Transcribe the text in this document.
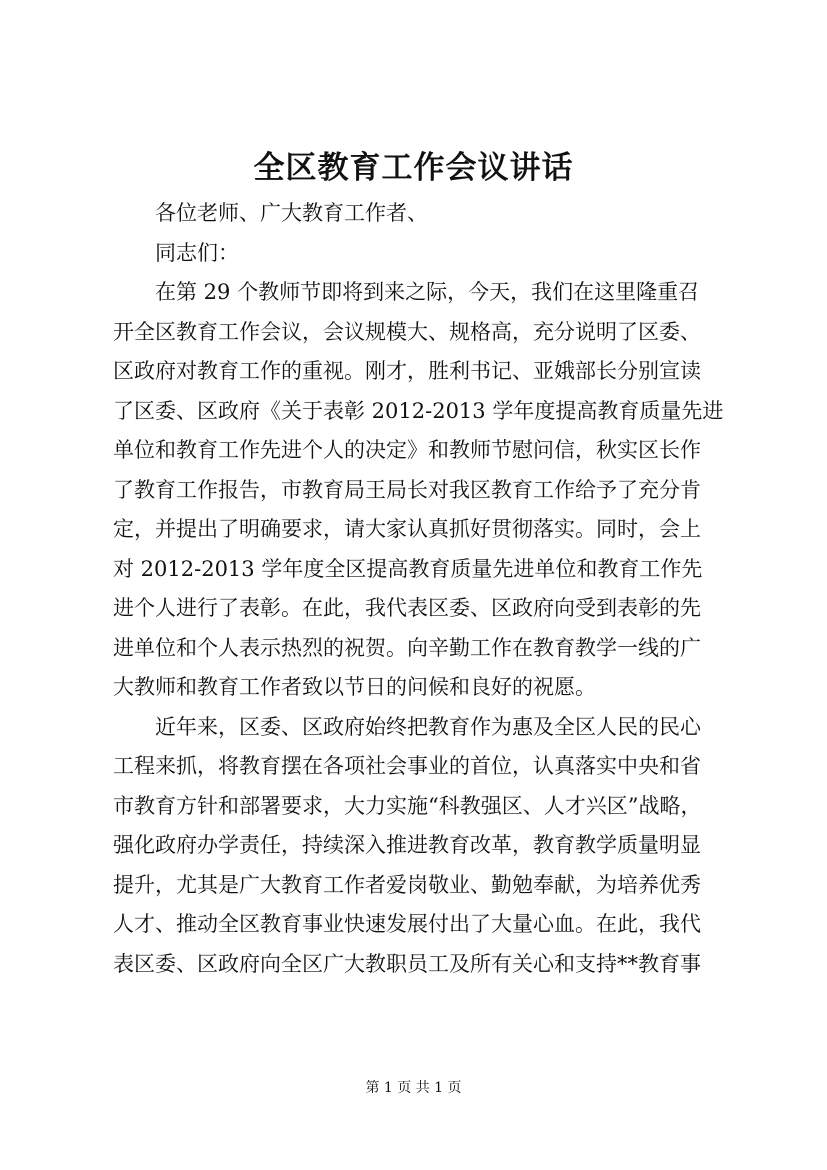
全区教育工作会议讲话
各位老师、广大教育工作者、
同志们：
在第 29 个教师节即将到来之际，今天，我们在这里隆重召
开全区教育工作会议，会议规模大、规格高，充分说明了区委、
区政府对教育工作的重视。刚才，胜利书记、亚娥部长分别宣读
了区委、区政府《关于表彰 2012-2013 学年度提高教育质量先进
单位和教育工作先进个人的决定》和教师节慰问信，秋实区长作
了教育工作报告，市教育局王局长对我区教育工作给予了充分肯
定，并提出了明确要求，请大家认真抓好贯彻落实。同时，会上
对 2012-2013 学年度全区提高教育质量先进单位和教育工作先
进个人进行了表彰。在此，我代表区委、区政府向受到表彰的先
进单位和个人表示热烈的祝贺。向辛勤工作在教育教学一线的广
大教师和教育工作者致以节日的问候和良好的祝愿。
近年来，区委、区政府始终把教育作为惠及全区人民的民心
工程来抓，将教育摆在各项社会事业的首位，认真落实中央和省
市教育方针和部署要求，大力实施“科教强区、人才兴区”战略，
强化政府办学责任，持续深入推进教育改革，教育教学质量明显
提升，尤其是广大教育工作者爱岗敬业、勤勉奉献，为培养优秀
人才、推动全区教育事业快速发展付出了大量心血。在此，我代
表区委、区政府向全区广大教职员工及所有关心和支持**教育事
第 1 页 共 1 页
